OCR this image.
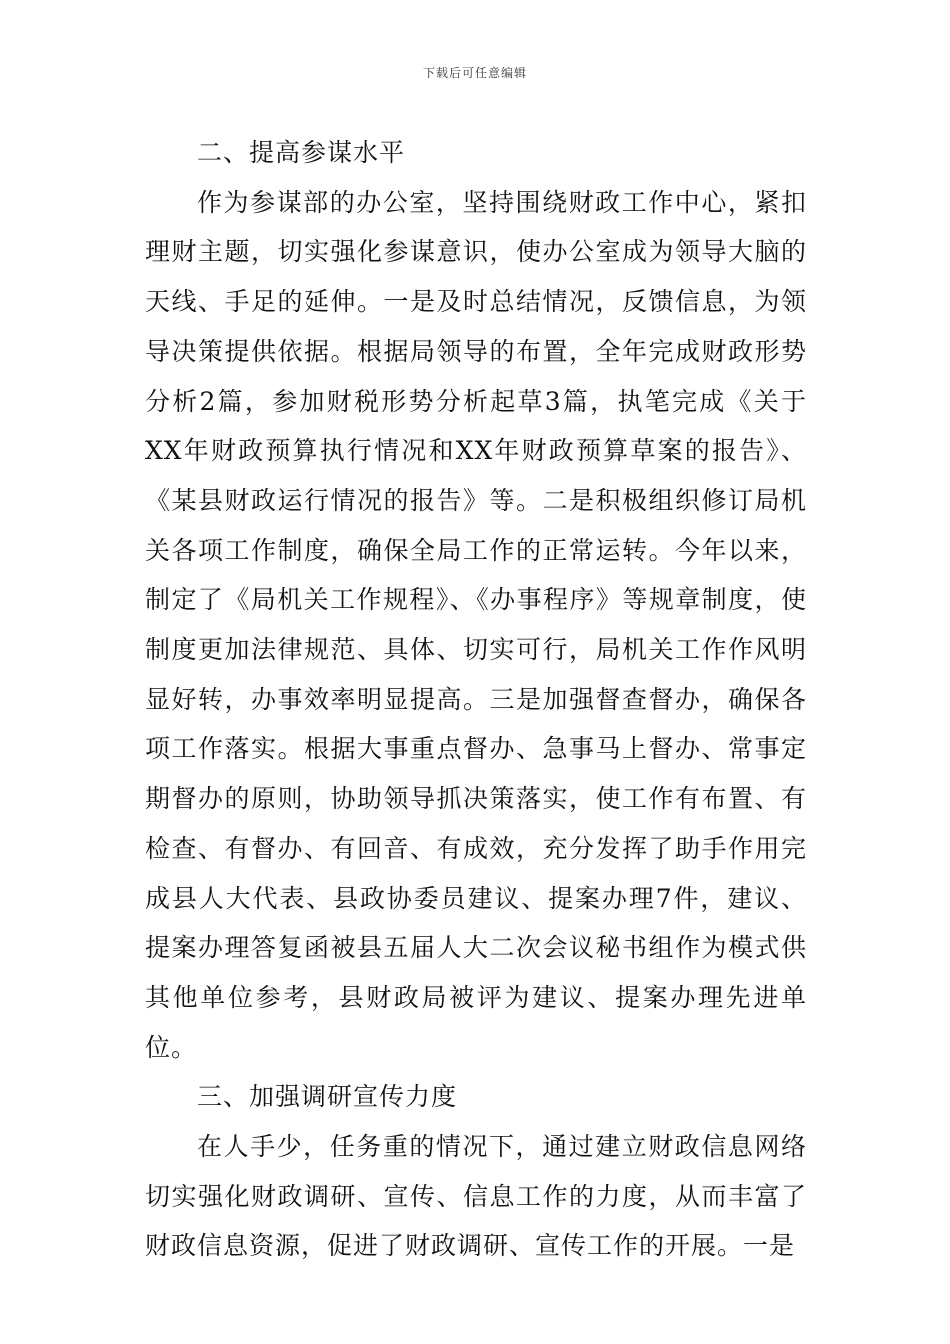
下载后可任意编辑

二、提高参谋水平

作为参谋部的办公室，坚持围绕财政工作中心，紧扣理财主题，切实强化参谋意识，使办公室成为领导大脑的天线、手足的延伸。一是及时总结情况，反馈信息，为领导决策提供依据。根据局领导的布置，全年完成财政形势分析2篇，参加财税形势分析起草3篇，执笔完成《关于XX年财政预算执行情况和XX年财政预算草案的报告》、《某县财政运行情况的报告》等。二是积极组织修订局机关各项工作制度，确保全局工作的正常运转。今年以来，制定了《局机关工作规程》、《办事程序》等规章制度，使制度更加法律规范、具体、切实可行，局机关工作作风明显好转，办事效率明显提高。三是加强督查督办，确保各项工作落实。根据大事重点督办、急事马上督办、常事定期督办的原则，协助领导抓决策落实，使工作有布置、有检查、有督办、有回音、有成效，充分发挥了助手作用完成县人大代表、县政协委员建议、提案办理7件，建议、提案办理答复函被县五届人大二次会议秘书组作为模式供其他单位参考，县财政局被评为建议、提案办理先进单位。

三、加强调研宣传力度

在人手少，任务重的情况下，通过建立财政信息网络切实强化财政调研、宣传、信息工作的力度，从而丰富了财政信息资源，促进了财政调研、宣传工作的开展。一是
